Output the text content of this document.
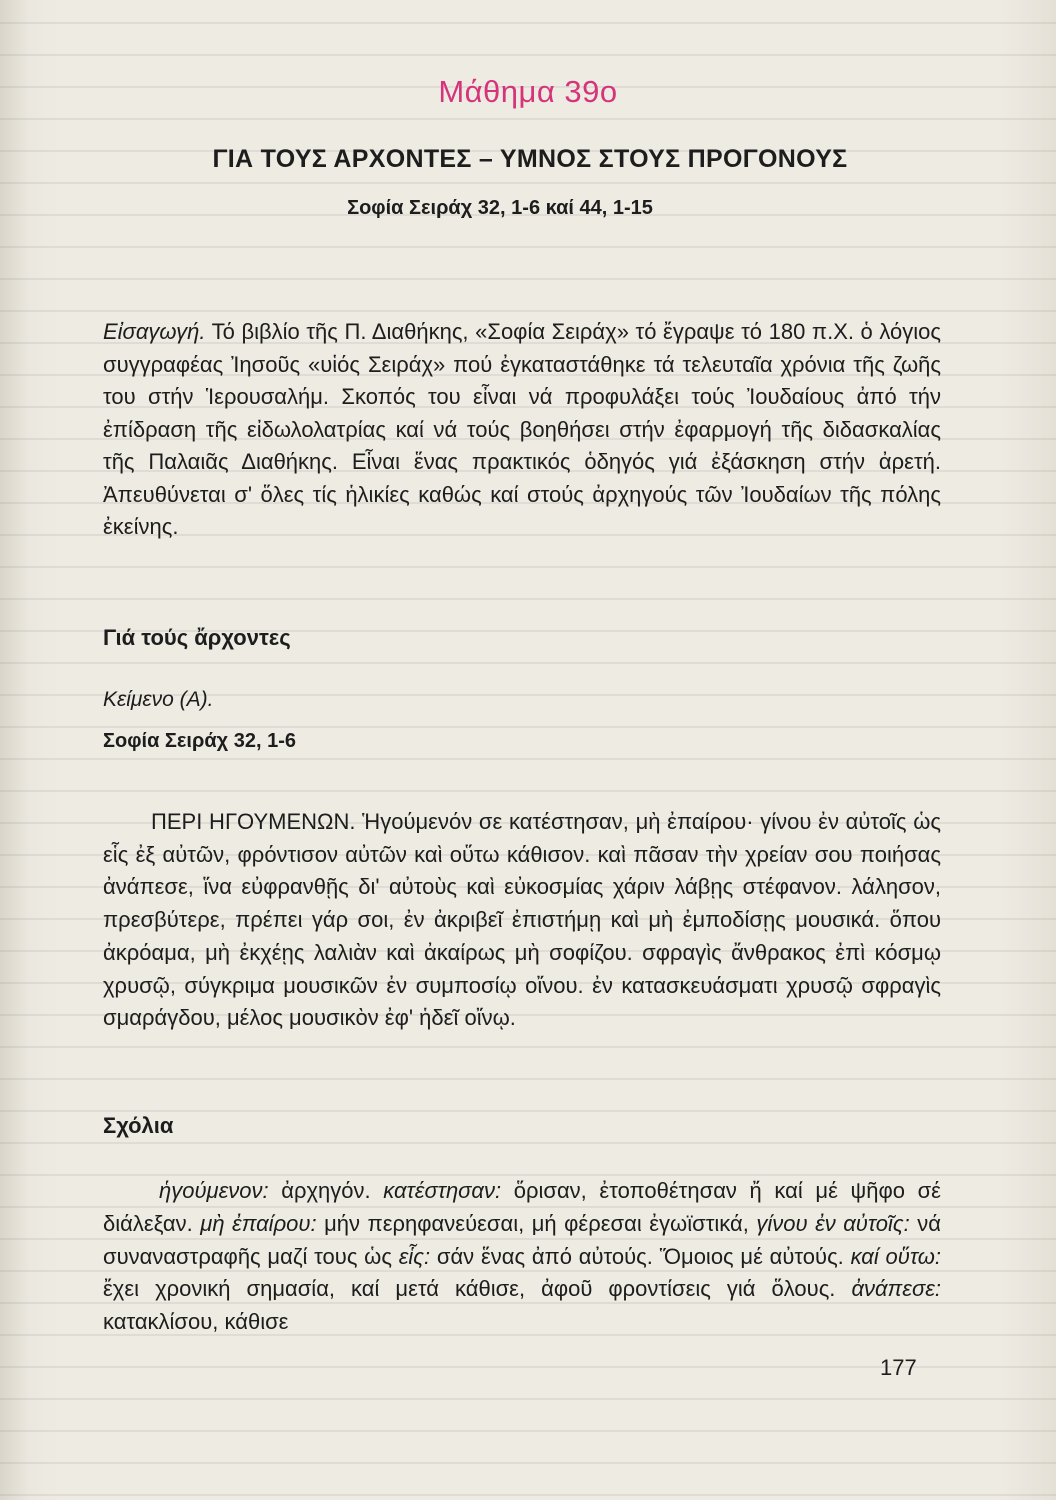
Μάθημα 39ο
ΓΙΑ ΤΟΥΣ ΑΡΧΟΝΤΕΣ – ΥΜΝΟΣ ΣΤΟΥΣ ΠΡΟΓΟΝΟΥΣ
Σοφία Σειράχ 32, 1-6 καί 44, 1-15

Εἰσαγωγή. Τό βιβλίο τῆς Π. Διαθήκης, «Σοφία Σειράχ» τό ἔγραψε τό 180 π.Χ. ὁ λόγιος συγγραφέας Ἰησοῦς «υἱός Σειράχ» πού ἐγκαταστάθηκε τά τελευταῖα χρόνια τῆς ζωῆς του στήν Ἱερουσαλήμ. Σκοπός του εἶναι νά προφυλάξει τούς Ἰουδαίους ἀπό τήν ἐπίδραση τῆς εἰδωλολατρίας καί νά τούς βοηθήσει στήν ἐφαρμογή τῆς διδασκαλίας τῆς Παλαιᾶς Διαθήκης. Εἶναι ἕνας πρακτικός ὁδηγός γιά ἐξάσκηση στήν ἀρετή. Ἀπευθύνεται σ' ὅλες τίς ἡλικίες καθώς καί στούς ἀρχηγούς τῶν Ἰουδαίων τῆς πόλης ἐκείνης.

Γιά τούς ἄρχοντες
Κείμενο (Α).
Σοφία Σειράχ 32, 1-6

ΠΕΡΙ ΗΓΟΥΜΕΝΩΝ. Ἡγούμενόν σε κατέστησαν, μὴ ἐπαίρου· γίνου ἐν αὐτοῖς ὡς εἷς ἐξ αὐτῶν, φρόντισον αὐτῶν καὶ οὕτω κάθισον. καὶ πᾶσαν τὴν χρείαν σου ποιήσας ἀνάπεσε, ἵνα εὐφρανθῇς δι' αὐτοὺς καὶ εὐκοσμίας χάριν λάβῃς στέφανον. λάλησον, πρεσβύτερε, πρέπει γάρ σοι, ἐν ἀκριβεῖ ἐπιστήμῃ καὶ μὴ ἐμποδίσῃς μουσικά. ὅπου ἀκρόαμα, μὴ ἐκχέῃς λαλιὰν καὶ ἀκαίρως μὴ σοφίζου. σφραγὶς ἄνθρακος ἐπὶ κόσμῳ χρυσῷ, σύγκριμα μουσικῶν ἐν συμποσίῳ οἴνου. ἐν κατασκευάσματι χρυσῷ σφραγὶς σμαράγδου, μέλος μουσικὸν ἐφ' ἡδεῖ οἴνῳ.

Σχόλια

ἡγούμενον: ἀρχηγόν. κατέστησαν: ὅρισαν, ἐτοποθέτησαν ἤ καί μέ ψῆφο σέ διάλεξαν. μὴ ἐπαίρου: μήν περηφανεύεσαι, μή φέρεσαι ἐγωϊστικά, γίνου ἐν αὐτοῖς: νά συναναστραφῆς μαζί τους ὡς εἷς: σάν ἕνας ἀπό αὐτούς. Ὅμοιος μέ αὐτούς. καί οὕτω: ἔχει χρονική σημασία, καί μετά κάθισε, ἀφοῦ φροντίσεις γιά ὅλους. ἀνάπεσε: κατακλίσου, κάθισε

177
